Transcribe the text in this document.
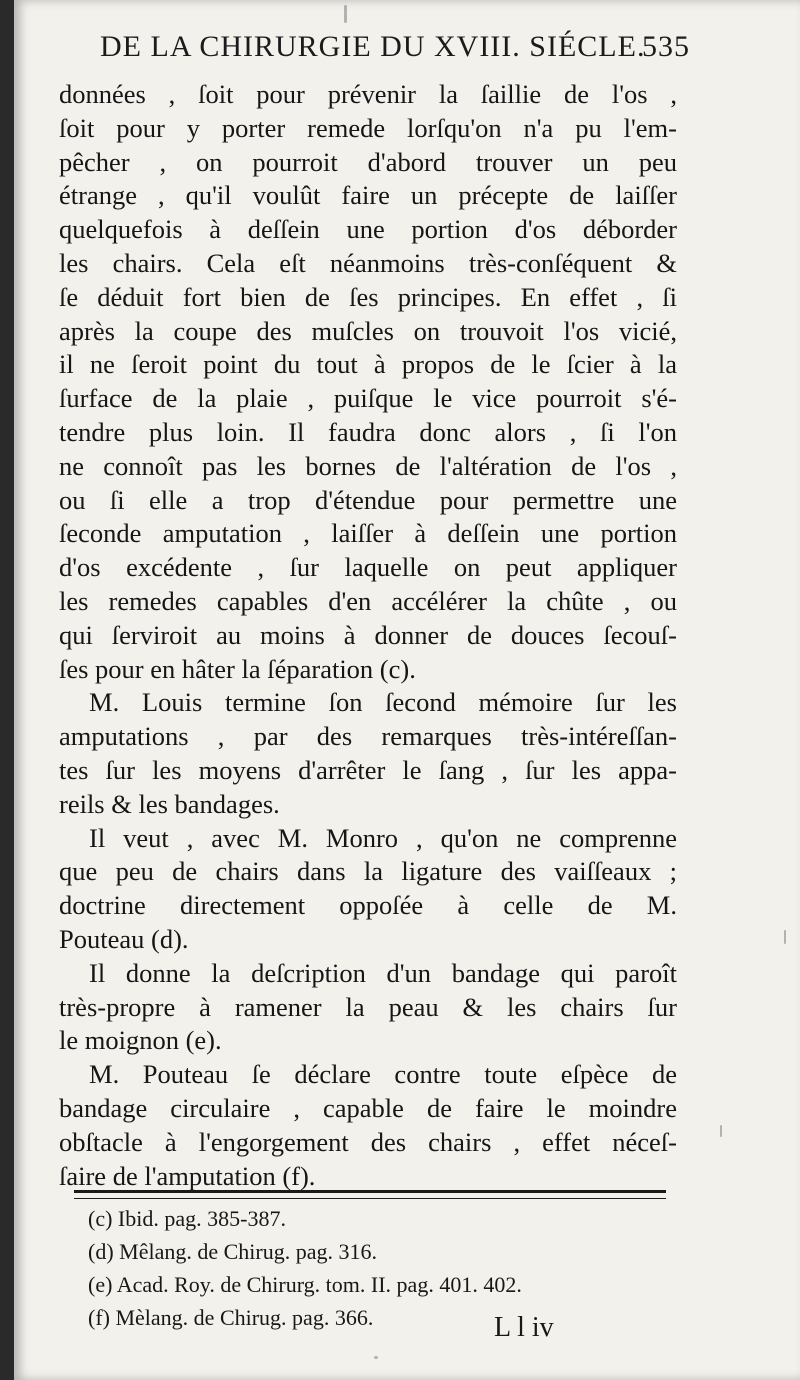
DE LA CHIRURGIE DU XVIII. SIÉCLE.
535
données , ſoit pour prévenir la ſaillie de l'os ,
ſoit pour y porter remede lorſqu'on n'a pu l'em-
pêcher , on pourroit d'abord trouver un peu
étrange , qu'il voulût faire un précepte de laiſſer
quelquefois à deſſein une portion d'os déborder
les chairs. Cela eſt néanmoins très-conſéquent &
ſe déduit fort bien de ſes principes. En effet , ſi
après la coupe des muſcles on trouvoit l'os vicié,
il ne ſeroit point du tout à propos de le ſcier à la
ſurface de la plaie , puiſque le vice pourroit s'é-
tendre plus loin. Il faudra donc alors , ſi l'on
ne connoît pas les bornes de l'altération de l'os ,
ou ſi elle a trop d'étendue pour permettre une
ſeconde amputation , laiſſer à deſſein une portion
d'os excédente , ſur laquelle on peut appliquer
les remedes capables d'en accélérer la chûte , ou
qui ſerviroit au moins à donner de douces ſecouſ-
ſes pour en hâter la ſéparation (c).
M. Louis termine ſon ſecond mémoire ſur les
amputations , par des remarques très-intéreſſan-
tes ſur les moyens d'arrêter le ſang , ſur les appa-
reils & les bandages.
Il veut , avec M. Monro , qu'on ne comprenne
que peu de chairs dans la ligature des vaiſſeaux ;
doctrine directement oppoſée à celle de M.
Pouteau (d).
Il donne la deſcription d'un bandage qui paroît
très-propre à ramener la peau & les chairs ſur
le moignon (e).
M. Pouteau ſe déclare contre toute eſpèce de
bandage circulaire , capable de faire le moindre
obſtacle à l'engorgement des chairs , effet néceſ-
ſaire de l'amputation (f).
(c) Ibid. pag. 385-387.
(d) Mêlang. de Chirug. pag. 316.
(e) Acad. Roy. de Chirurg. tom. II. pag. 401. 402.
(f) Mèlang. de Chirug. pag. 366.	L l iv
